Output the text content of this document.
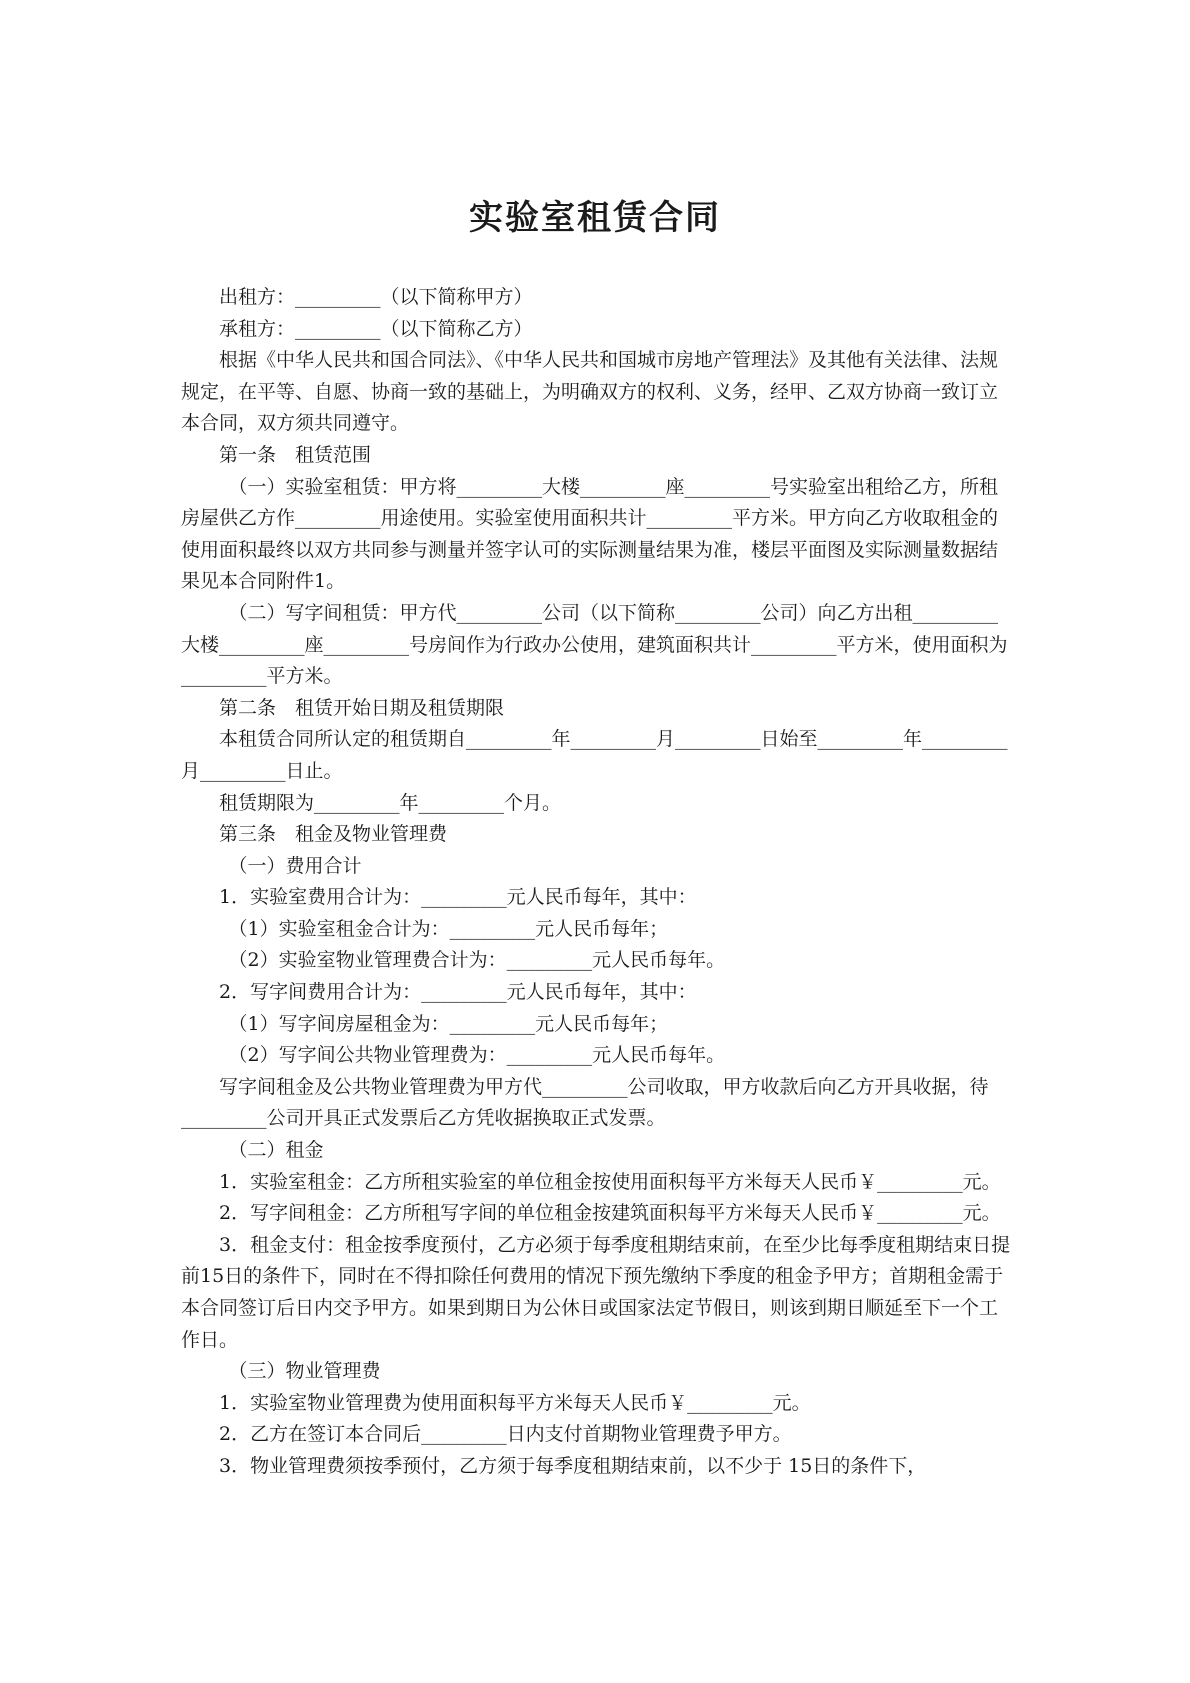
实验室租赁合同

出租方：_________（以下简称甲方）

承租方：_________（以下简称乙方）

根据《中华人民共和国合同法》、《中华人民共和国城市房地产管理法》及其他有关法律、法规规定，在平等、自愿、协商一致的基础上，为明确双方的权利、义务，经甲、乙双方协商一致订立本合同，双方须共同遵守。

第一条　租赁范围

（一）实验室租赁：甲方将_________大楼_________座_________号实验室出租给乙方，所租房屋供乙方作_________用途使用。实验室使用面积共计_________平方米。甲方向乙方收取租金的使用面积最终以双方共同参与测量并签字认可的实际测量结果为准，楼层平面图及实际测量数据结果见本合同附件1。

（二）写字间租赁：甲方代_________公司（以下简称_________公司）向乙方出租_________大楼_________座_________号房间作为行政办公使用，建筑面积共计_________平方米，使用面积为_________平方米。

第二条　租赁开始日期及租赁期限

本租赁合同所认定的租赁期自_________年_________月_________日始至_________年_________月_________日止。

租赁期限为_________年_________个月。

第三条　租金及物业管理费

（一）费用合计

1．实验室费用合计为：_________元人民币每年，其中：

（1）实验室租金合计为：_________元人民币每年；

（2）实验室物业管理费合计为：_________元人民币每年。

2．写字间费用合计为：_________元人民币每年，其中：

（1）写字间房屋租金为：_________元人民币每年；

（2）写字间公共物业管理费为：_________元人民币每年。

写字间租金及公共物业管理费为甲方代_________公司收取，甲方收款后向乙方开具收据，待_________公司开具正式发票后乙方凭收据换取正式发票。

（二）租金

1．实验室租金：乙方所租实验室的单位租金按使用面积每平方米每天人民币￥_________元。

2．写字间租金：乙方所租写字间的单位租金按建筑面积每平方米每天人民币￥_________元。

3．租金支付：租金按季度预付，乙方必须于每季度租期结束前，在至少比每季度租期结束日提前15日的条件下，同时在不得扣除任何费用的情况下预先缴纳下季度的租金予甲方；首期租金需于本合同签订后日内交予甲方。如果到期日为公休日或国家法定节假日，则该到期日顺延至下一个工作日。

（三）物业管理费

1．实验室物业管理费为使用面积每平方米每天人民币￥_________元。

2．乙方在签订本合同后_________日内支付首期物业管理费予甲方。

3．物业管理费须按季预付，乙方须于每季度租期结束前，以不少于 15日的条件下，
